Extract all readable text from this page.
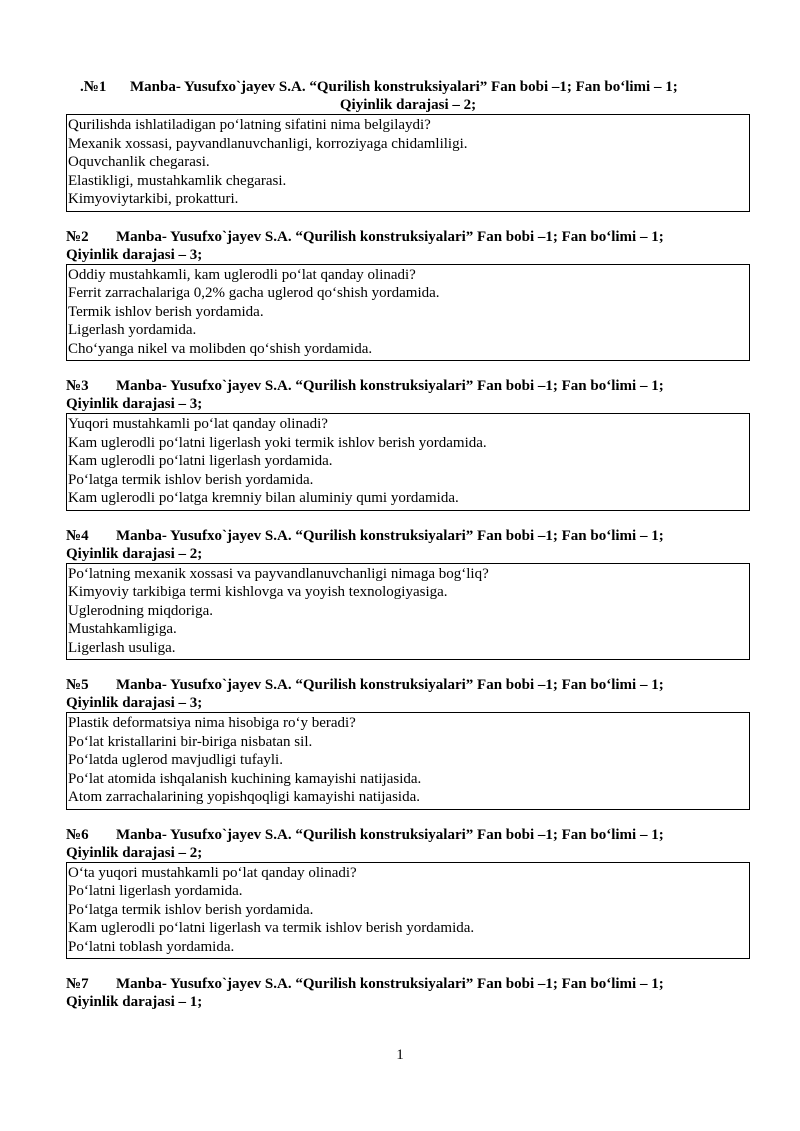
.№1 Manba- Yusufxo`jayev S.A. “Qurilish konstruksiyalari” Fan bobi –1; Fan bo‘limi – 1;
Qiyinlik darajasi – 2;
Qurilishda ishlatiladigan po‘latning sifatini nima belgilaydi?
Mexanik xossasi, payvandlanuvchanligi, korroziyaga chidamliligi.
Oquvchanlik chegarasi.
Elastikligi, mustahkamlik chegarasi.
Kimyoviytarkibi, prokatturi.
№2 Manba- Yusufxo`jayev S.A. “Qurilish konstruksiyalari” Fan bobi –1; Fan bo‘limi – 1;
Qiyinlik darajasi – 3;
Oddiy mustahkamli, kam uglerodli po‘lat qanday olinadi?
Ferrit zarrachalariga 0,2% gacha uglerod qo‘shish yordamida.
Termik ishlov berish yordamida.
Ligerlash yordamida.
Cho‘yanga nikel va molibden qo‘shish yordamida.
№3 Manba- Yusufxo`jayev S.A. “Qurilish konstruksiyalari” Fan bobi –1; Fan bo‘limi – 1;
Qiyinlik darajasi – 3;
Yuqori mustahkamli po‘lat qanday olinadi?
Kam uglerodli po‘latni ligerlash yoki termik ishlov berish yordamida.
Kam uglerodli po‘latni ligerlash yordamida.
Po‘latga termik ishlov berish yordamida.
Kam uglerodli po‘latga kremniy bilan aluminiy qumi yordamida.
№4 Manba- Yusufxo`jayev S.A. “Qurilish konstruksiyalari” Fan bobi –1; Fan bo‘limi – 1;
Qiyinlik darajasi – 2;
Po‘latning mexanik xossasi va payvandlanuvchanligi nimaga bog‘liq?
Kimyoviy tarkibiga termi kishlovga va yoyish texnologiyasiga.
Uglerodning miqdoriga.
Mustahkamligiga.
Ligerlash usuliga.
№5 Manba- Yusufxo`jayev S.A. “Qurilish konstruksiyalari” Fan bobi –1; Fan bo‘limi – 1;
Qiyinlik darajasi – 3;
Plastik deformatsiya nima hisobiga ro‘y beradi?
Po‘lat kristallarini bir-biriga nisbatan sil.
Po‘latda uglerod mavjudligi tufayli.
Po‘lat atomida ishqalanish kuchining kamayishi natijasida.
Atom zarrachalarining yopishqoqligi kamayishi natijasida.
№6 Manba- Yusufxo`jayev S.A. “Qurilish konstruksiyalari” Fan bobi –1; Fan bo‘limi – 1;
Qiyinlik darajasi – 2;
O‘ta yuqori mustahkamli po‘lat qanday olinadi?
Po‘latni ligerlash yordamida.
Po‘latga termik ishlov berish yordamida.
Kam uglerodli po‘latni ligerlash va termik ishlov berish yordamida.
Po‘latni toblash yordamida.
№7 Manba- Yusufxo`jayev S.A. “Qurilish konstruksiyalari” Fan bobi –1; Fan bo‘limi – 1;
Qiyinlik darajasi – 1;
1
